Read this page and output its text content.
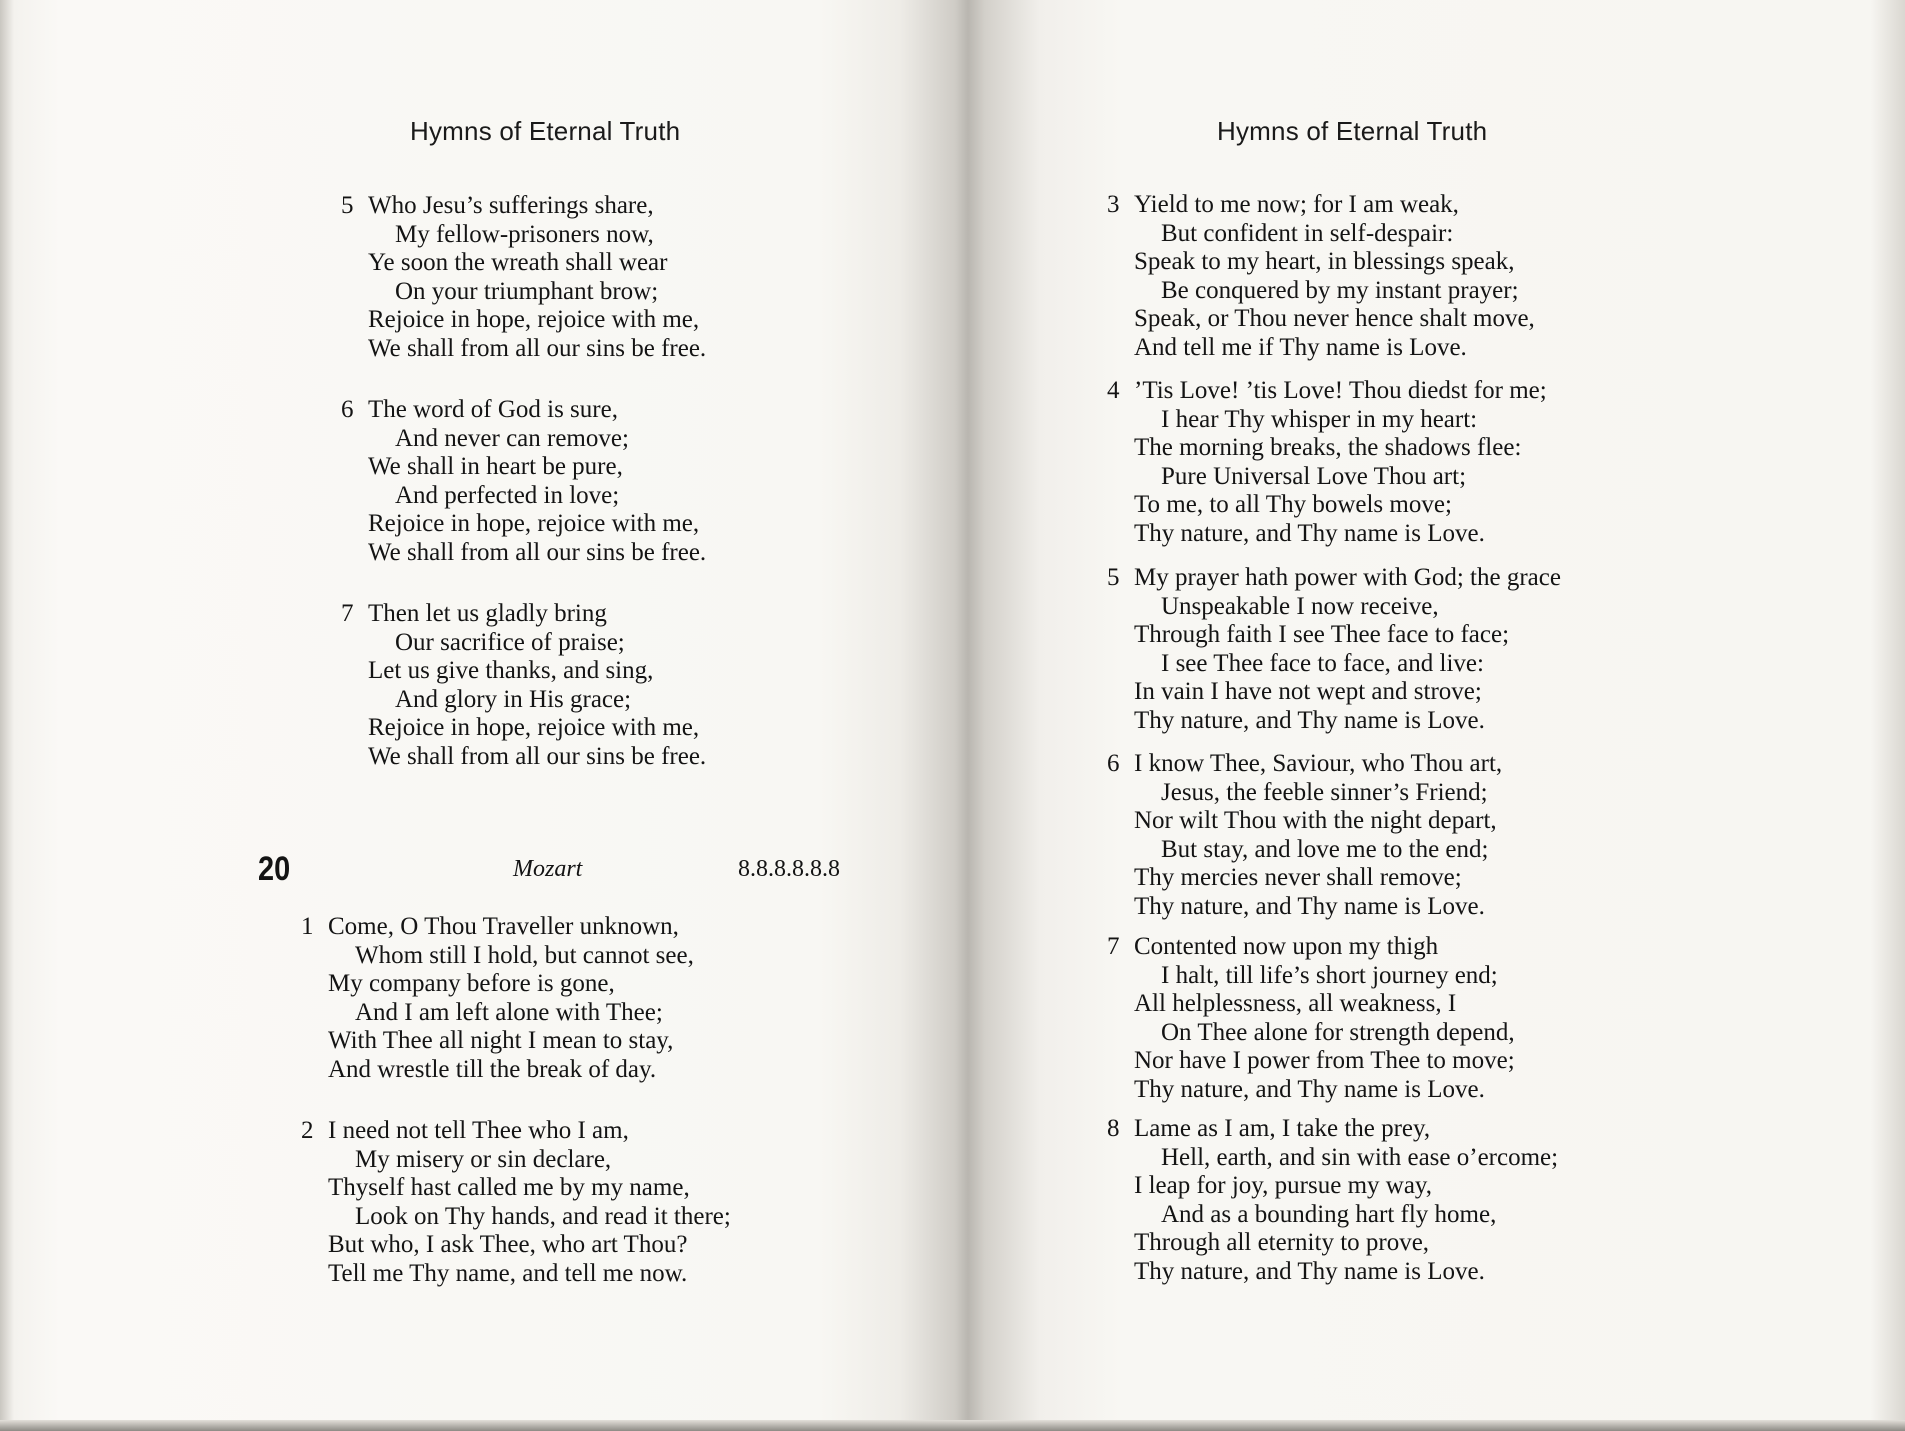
Hymns of Eternal Truth
5 Who Jesu’s sufferings share,
My fellow-prisoners now,
Ye soon the wreath shall wear
On your triumphant brow;
Rejoice in hope, rejoice with me,
We shall from all our sins be free.
6 The word of God is sure,
And never can remove;
We shall in heart be pure,
And perfected in love;
Rejoice in hope, rejoice with me,
We shall from all our sins be free.
7 Then let us gladly bring
Our sacrifice of praise;
Let us give thanks, and sing,
And glory in His grace;
Rejoice in hope, rejoice with me,
We shall from all our sins be free.
20	Mozart	8.8.8.8.8.8
1 Come, O Thou Traveller unknown,
Whom still I hold, but cannot see,
My company before is gone,
And I am left alone with Thee;
With Thee all night I mean to stay,
And wrestle till the break of day.
2 I need not tell Thee who I am,
My misery or sin declare,
Thyself hast called me by my name,
Look on Thy hands, and read it there;
But who, I ask Thee, who art Thou?
Tell me Thy name, and tell me now.
Hymns of Eternal Truth
3 Yield to me now; for I am weak,
But confident in self-despair:
Speak to my heart, in blessings speak,
Be conquered by my instant prayer;
Speak, or Thou never hence shalt move,
And tell me if Thy name is Love.
4 ’Tis Love! ’tis Love! Thou diedst for me;
I hear Thy whisper in my heart:
The morning breaks, the shadows flee:
Pure Universal Love Thou art;
To me, to all Thy bowels move;
Thy nature, and Thy name is Love.
5 My prayer hath power with God; the grace
Unspeakable I now receive,
Through faith I see Thee face to face;
I see Thee face to face, and live:
In vain I have not wept and strove;
Thy nature, and Thy name is Love.
6 I know Thee, Saviour, who Thou art,
Jesus, the feeble sinner’s Friend;
Nor wilt Thou with the night depart,
But stay, and love me to the end;
Thy mercies never shall remove;
Thy nature, and Thy name is Love.
7 Contented now upon my thigh
I halt, till life’s short journey end;
All helplessness, all weakness, I
On Thee alone for strength depend,
Nor have I power from Thee to move;
Thy nature, and Thy name is Love.
8 Lame as I am, I take the prey,
Hell, earth, and sin with ease o’ercome;
I leap for joy, pursue my way,
And as a bounding hart fly home,
Through all eternity to prove,
Thy nature, and Thy name is Love.
